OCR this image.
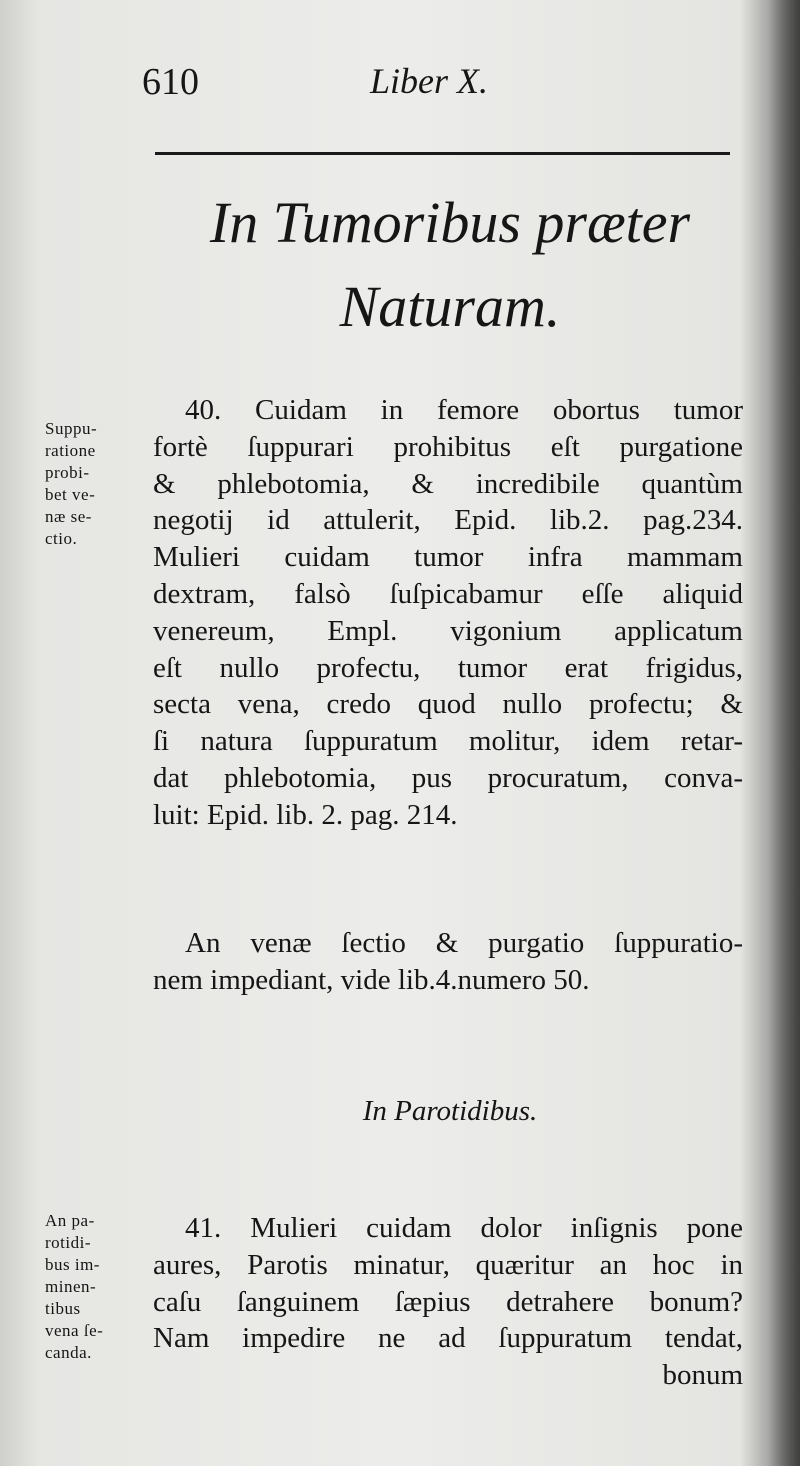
610	Liber X.
In Tumoribus præter
Naturam.
Suppu-
ratione
probi-
bet ve-
næ se-
ctio.
40. Cuidam in femore obortus tumor
fortè ſuppurari prohibitus eſt purgatione
& phlebotomia, & incredibile quantùm
negotij id attulerit, Epid. lib.2. pag.234.
Mulieri cuidam tumor infra mammam
dextram, falsò ſuſpicabamur eſſe aliquid
venereum, Empl. vigonium applicatum
eſt nullo profectu, tumor erat frigidus,
secta vena, credo quod nullo profectu; &
ſi natura ſuppuratum molitur, idem retar-
dat phlebotomia, pus procuratum, conva-
luit: Epid. lib. 2. pag. 214.
An venæ ſectio & purgatio ſuppuratio-
nem impediant, vide lib.4.numero 50.
In Parotidibus.
An pa-
rotidi-
bus im-
minen-
tibus
vena ſe-
canda.
41. Mulieri cuidam dolor inſignis pone
aures, Parotis minatur, quæritur an hoc in
caſu ſanguinem ſæpius detrahere bonum?
Nam impedire ne ad ſuppuratum tendat,
bonum
